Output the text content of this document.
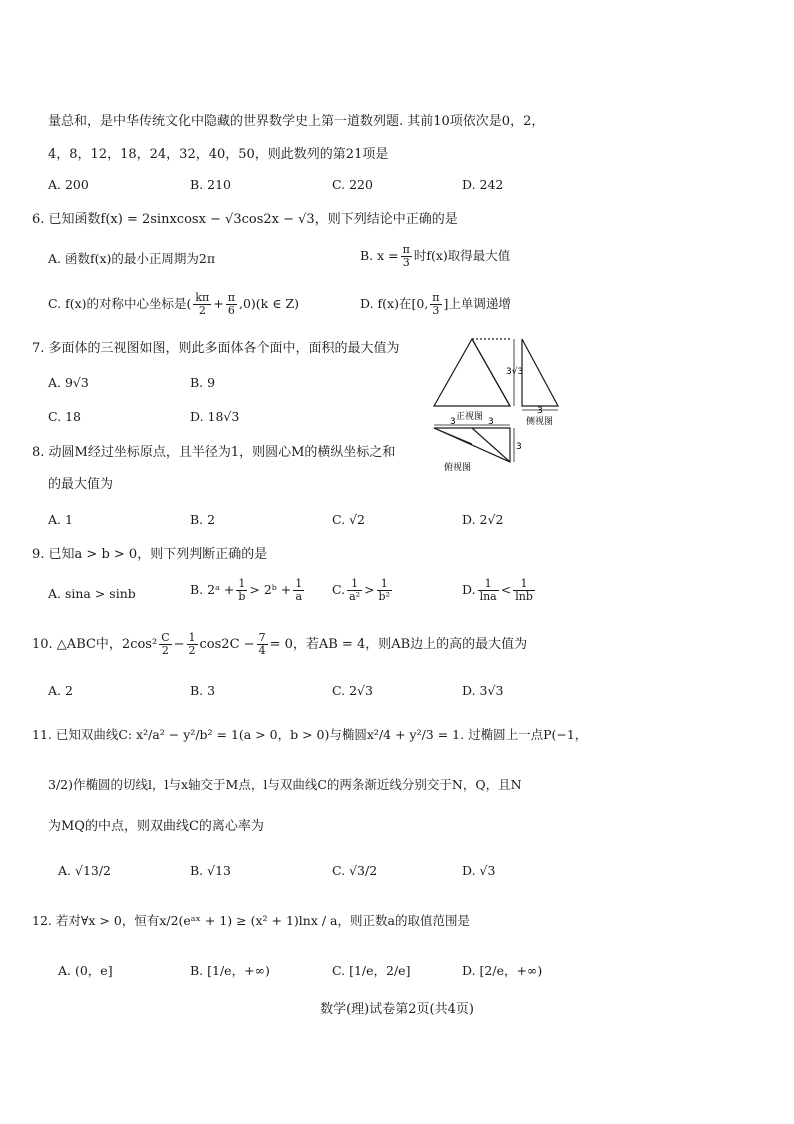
量总和，是中华传统文化中隐藏的世界数学史上第一道数列题. 其前10项依次是0，2，
4，8，12，18，24，32，40，50，则此数列的第21项是
A. 200	B. 210	C. 220	D. 242
6. 已知函数f(x) = 2sinxcosx − √3cos2x − √3，则下列结论中正确的是
A. 函数f(x)的最小正周期为2π	B. $x = \frac{\pi}{3}$ 时f(x)取得最大值
C. f(x)的对称中心坐标是( $\frac{k\pi}{2} + \frac{\pi}{6} ,0)(k$ ∈ Z)	D. f(x)在[0, $\frac{\pi}{3}$ ]上单调递增
7. 多面体的三视图如图，则此多面体各个面中，面积的最大值为
A. 9√3	B. 9
C. 18	D. 18√3
3√3
正视图
3
侧视图
3	3
3
俯视图
8. 动圆M经过坐标原点，且半径为1，则圆心M的横纵坐标之和
的最大值为
A. 1	B. 2	C. √2	D. 2√2
9. 已知a > b > 0，则下列判断正确的是
A. sina > sinb	B. 2ᵃ + $\frac{1}{b}$ > 2ᵇ + $\frac{1}{a} C$. $\frac{1}{\text{a²}} > \frac{1}{\text{b²}}$	D. $\frac{1}{\ln a} < \frac{1}{\ln b}$
10. △ABC中，$2\cos^2 \frac{C}{2} - \frac{1}{2} \cos 2C - \frac{7}{4} = 0$，若AB = 4，则AB边上的高的最大值为
A. 2	B. 3	C. 2√3	D. 3√3
11. 已知双曲线C: x²/a² − y²/b² = 1(a > 0，b > 0)与椭圆x²/4 + y²/3 = 1. 过椭圆上一点P(−1，
3/2)作椭圆的切线l，l与x轴交于M点，l与双曲线C的两条渐近线分别交于N，Q，且N
为MQ的中点，则双曲线C的离心率为
A. √13/2	B. √13	C. √3/2	D. √3
12. 若对∀x > 0，恒有x/2(eᵃˣ + 1) ≥ (x² + 1)lnx / a，则正数a的取值范围是
A. (0，e]	B. [1/e，+∞)	C. [1/e，2/e]	D. [2/e，+∞)
数学(理)试卷第2页(共4页)
